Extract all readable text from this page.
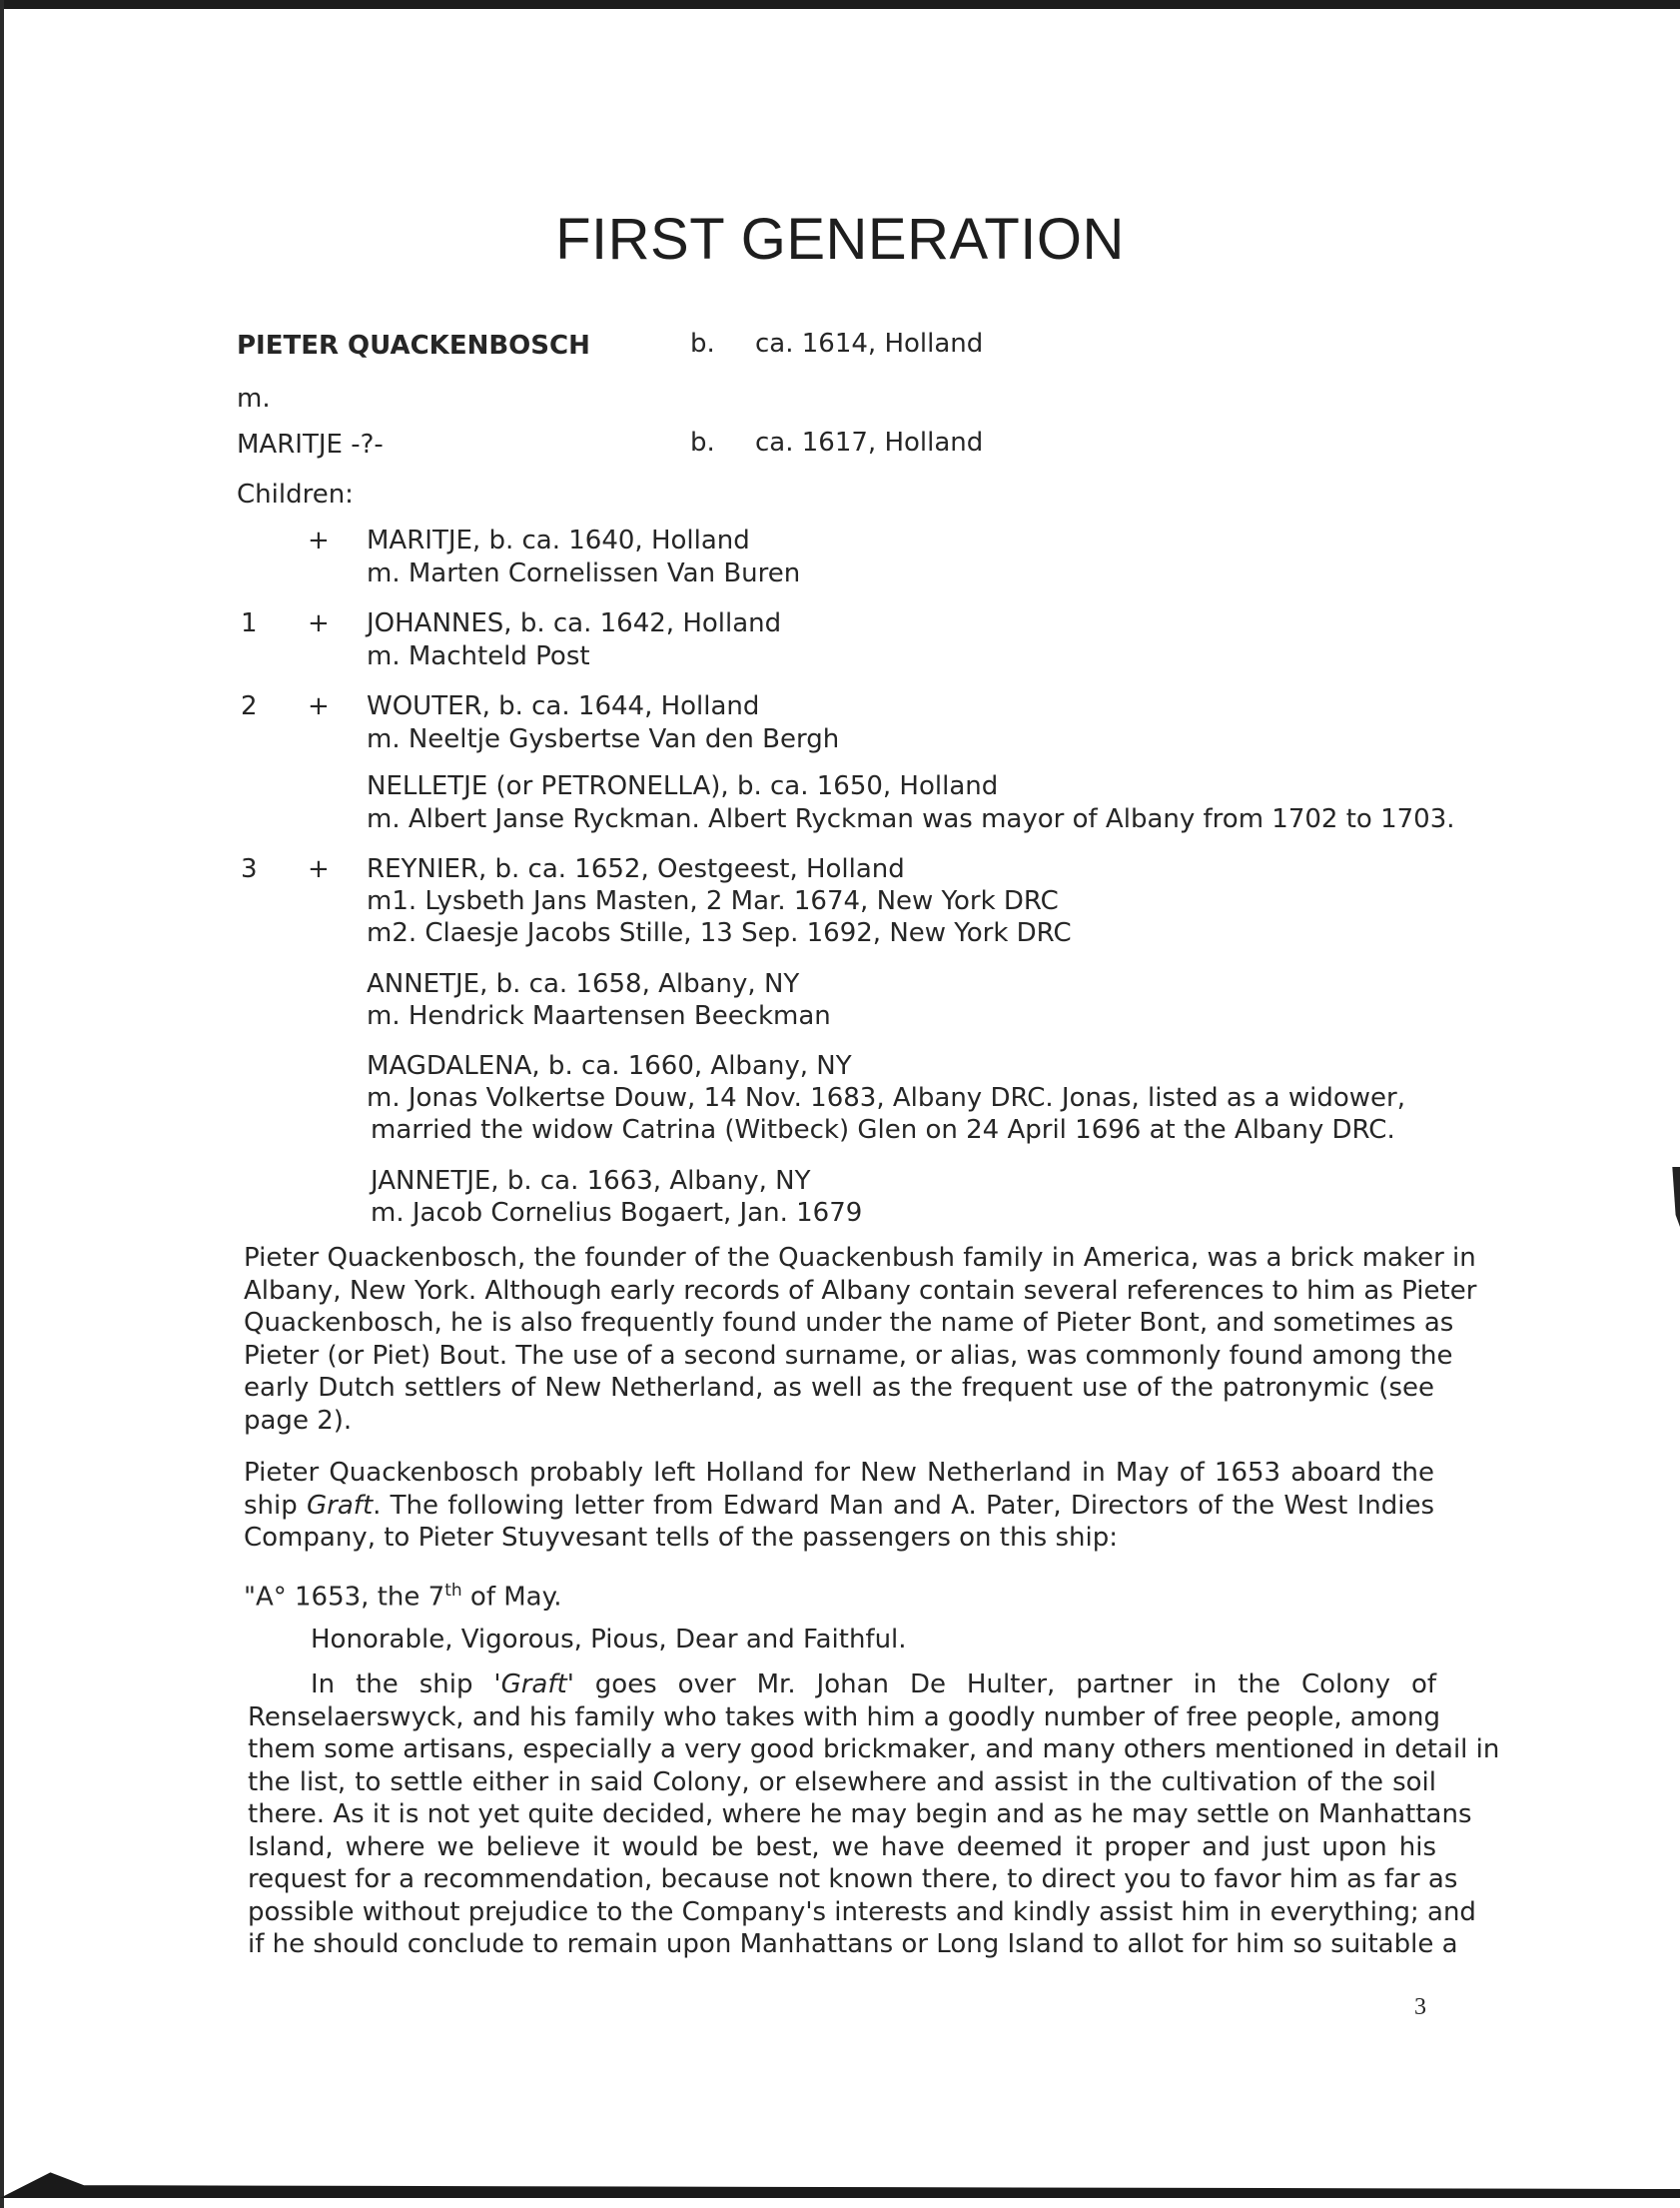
FIRST GENERATION
PIETER QUACKENBOSCH	b. ca. 1614, Holland
m.
MARITJE -?-	b. ca. 1617, Holland
Children:
+ MARITJE, b. ca. 1640, Holland
m. Marten Cornelissen Van Buren
1 + JOHANNES, b. ca. 1642, Holland
m. Machteld Post
2 + WOUTER, b. ca. 1644, Holland
m. Neeltje Gysbertse Van den Bergh
NELLETJE (or PETRONELLA), b. ca. 1650, Holland
m. Albert Janse Ryckman. Albert Ryckman was mayor of Albany from 1702 to 1703.
3 + REYNIER, b. ca. 1652, Oestgeest, Holland
m1. Lysbeth Jans Masten, 2 Mar. 1674, New York DRC
m2. Claesje Jacobs Stille, 13 Sep. 1692, New York DRC
ANNETJE, b. ca. 1658, Albany, NY
m. Hendrick Maartensen Beeckman
MAGDALENA, b. ca. 1660, Albany, NY
m. Jonas Volkertse Douw, 14 Nov. 1683, Albany DRC. Jonas, listed as a widower,
married the widow Catrina (Witbeck) Glen on 24 April 1696 at the Albany DRC.
JANNETJE, b. ca. 1663, Albany, NY
m. Jacob Cornelius Bogaert, Jan. 1679
Pieter Quackenbosch, the founder of the Quackenbush family in America, was a brick maker in
Albany, New York. Although early records of Albany contain several references to him as Pieter
Quackenbosch, he is also frequently found under the name of Pieter Bont, and sometimes as
Pieter (or Piet) Bout. The use of a second surname, or alias, was commonly found among the
early Dutch settlers of New Netherland, as well as the frequent use of the patronymic (see
page 2).
Pieter Quackenbosch probably left Holland for New Netherland in May of 1653 aboard the
ship Graft. The following letter from Edward Man and A. Pater, Directors of the West Indies
Company, to Pieter Stuyvesant tells of the passengers on this ship:
"A° 1653, the 7th of May.
Honorable, Vigorous, Pious, Dear and Faithful.
In the ship 'Graft' goes over Mr. Johan De Hulter, partner in the Colony of
Renselaerswyck, and his family who takes with him a goodly number of free people, among
them some artisans, especially a very good brickmaker, and many others mentioned in detail in
the list, to settle either in said Colony, or elsewhere and assist in the cultivation of the soil
there. As it is not yet quite decided, where he may begin and as he may settle on Manhattans
Island, where we believe it would be best, we have deemed it proper and just upon his
request for a recommendation, because not known there, to direct you to favor him as far as
possible without prejudice to the Company's interests and kindly assist him in everything; and
if he should conclude to remain upon Manhattans or Long Island to allot for him so suitable a
3
